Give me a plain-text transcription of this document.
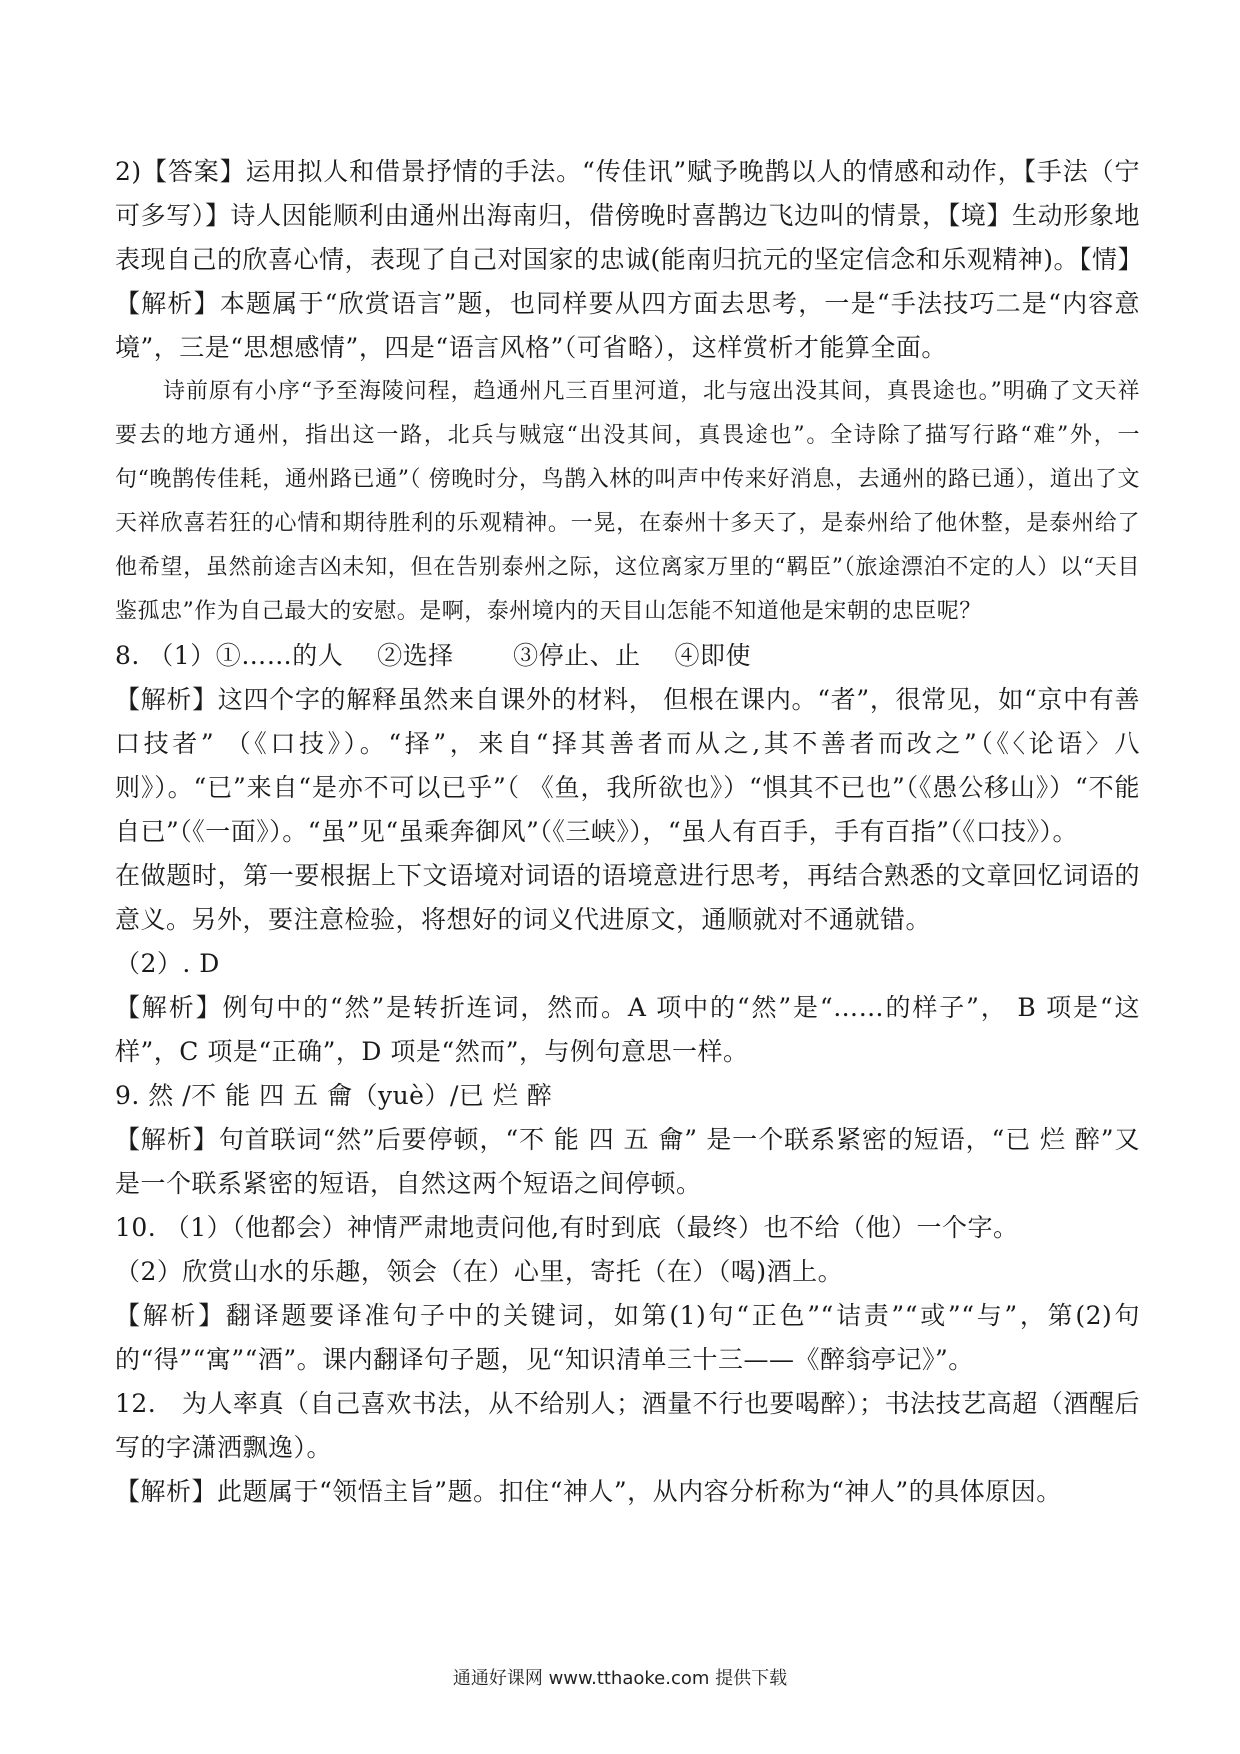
2)【答案】运用拟人和借景抒情的手法。“传佳讯”赋予晚鹊以人的情感和动作，【手法（宁可多写）】诗人因能顺利由通州出海南归，借傍晚时喜鹊边飞边叫的情景，【境】生动形象地表现自己的欣喜心情，表现了自己对国家的忠诚(能南归抗元的坚定信念和乐观精神)。【情】

【解析】本题属于“欣赏语言”题，也同样要从四方面去思考，一是“手法技巧二是“内容意境”，三是“思想感情”，四是“语言风格”（可省略），这样赏析才能算全面。

诗前原有小序“予至海陵问程，趋通州凡三百里河道，北与寇出没其间，真畏途也。”明确了文天祥要去的地方通州，指出这一路，北兵与贼寇“出没其间，真畏途也”。全诗除了描写行路“难”外，一句“晚鹊传佳耗，通州路已通”（ 傍晚时分，鸟鹊入林的叫声中传来好消息，去通州的路已通），道出了文天祥欣喜若狂的心情和期待胜利的乐观精神。一晃，在泰州十多天了，是泰州给了他休整，是泰州给了他希望，虽然前途吉凶未知，但在告别泰州之际，这位离家万里的“羁臣”（旅途漂泊不定的人）以“天目鉴孤忠”作为自己最大的安慰。是啊，泰州境内的天目山怎能不知道他是宋朝的忠臣呢？

8. （1）①……的人　 ②选择　　 ③停止、止　 ④即使

【解析】这四个字的解释虽然来自课外的材料， 但根在课内。“者”，很常见，如“京中有善口技者” （《口技》）。“择”，来自“择其善者而从之,其不善者而改之”（《〈论语〉八则》）。“已”来自“是亦不可以已乎”（ 《鱼，我所欲也》）“惧其不已也”（《愚公移山》）“不能自已”（《一面》）。“虽”见“虽乘奔御风”（《三峡》），“虽人有百手，手有百指”（《口技》）。

在做题时，第一要根据上下文语境对词语的语境意进行思考，再结合熟悉的文章回忆词语的意义。另外，要注意检验，将想好的词义代进原文，通顺就对不通就错。

（2）. D

【解析】例句中的“然”是转折连词，然而。A 项中的“然”是“……的样子”， B 项是“这样”，C 项是“正确”，D 项是“然而”，与例句意思一样。

9. 然 /不 能 四 五 龠（yuè）/已 烂 醉

【解析】句首联词“然”后要停顿，“不 能 四 五 龠” 是一个联系紧密的短语，“已 烂 醉”又是一个联系紧密的短语，自然这两个短语之间停顿。

10. （1）（他都会）神情严肃地责问他,有时到底（最终）也不给（他）一个字。

（2）欣赏山水的乐趣，领会（在）心里，寄托（在）（喝)酒上。

【解析】翻译题要译准句子中的关键词，如第(1)句“正色”“诘责”“或”“与”，第(2)句的“得”“寓”“酒”。课内翻译句子题，见“知识清单三十三——《醉翁亭记》”。

12.　为人率真（自己喜欢书法，从不给别人；酒量不行也要喝醉）；书法技艺高超（酒醒后写的字潇洒飘逸）。

【解析】此题属于“领悟主旨”题。扣住“神人”，从内容分析称为“神人”的具体原因。

通通好课网 www.tthaoke.com 提供下载
